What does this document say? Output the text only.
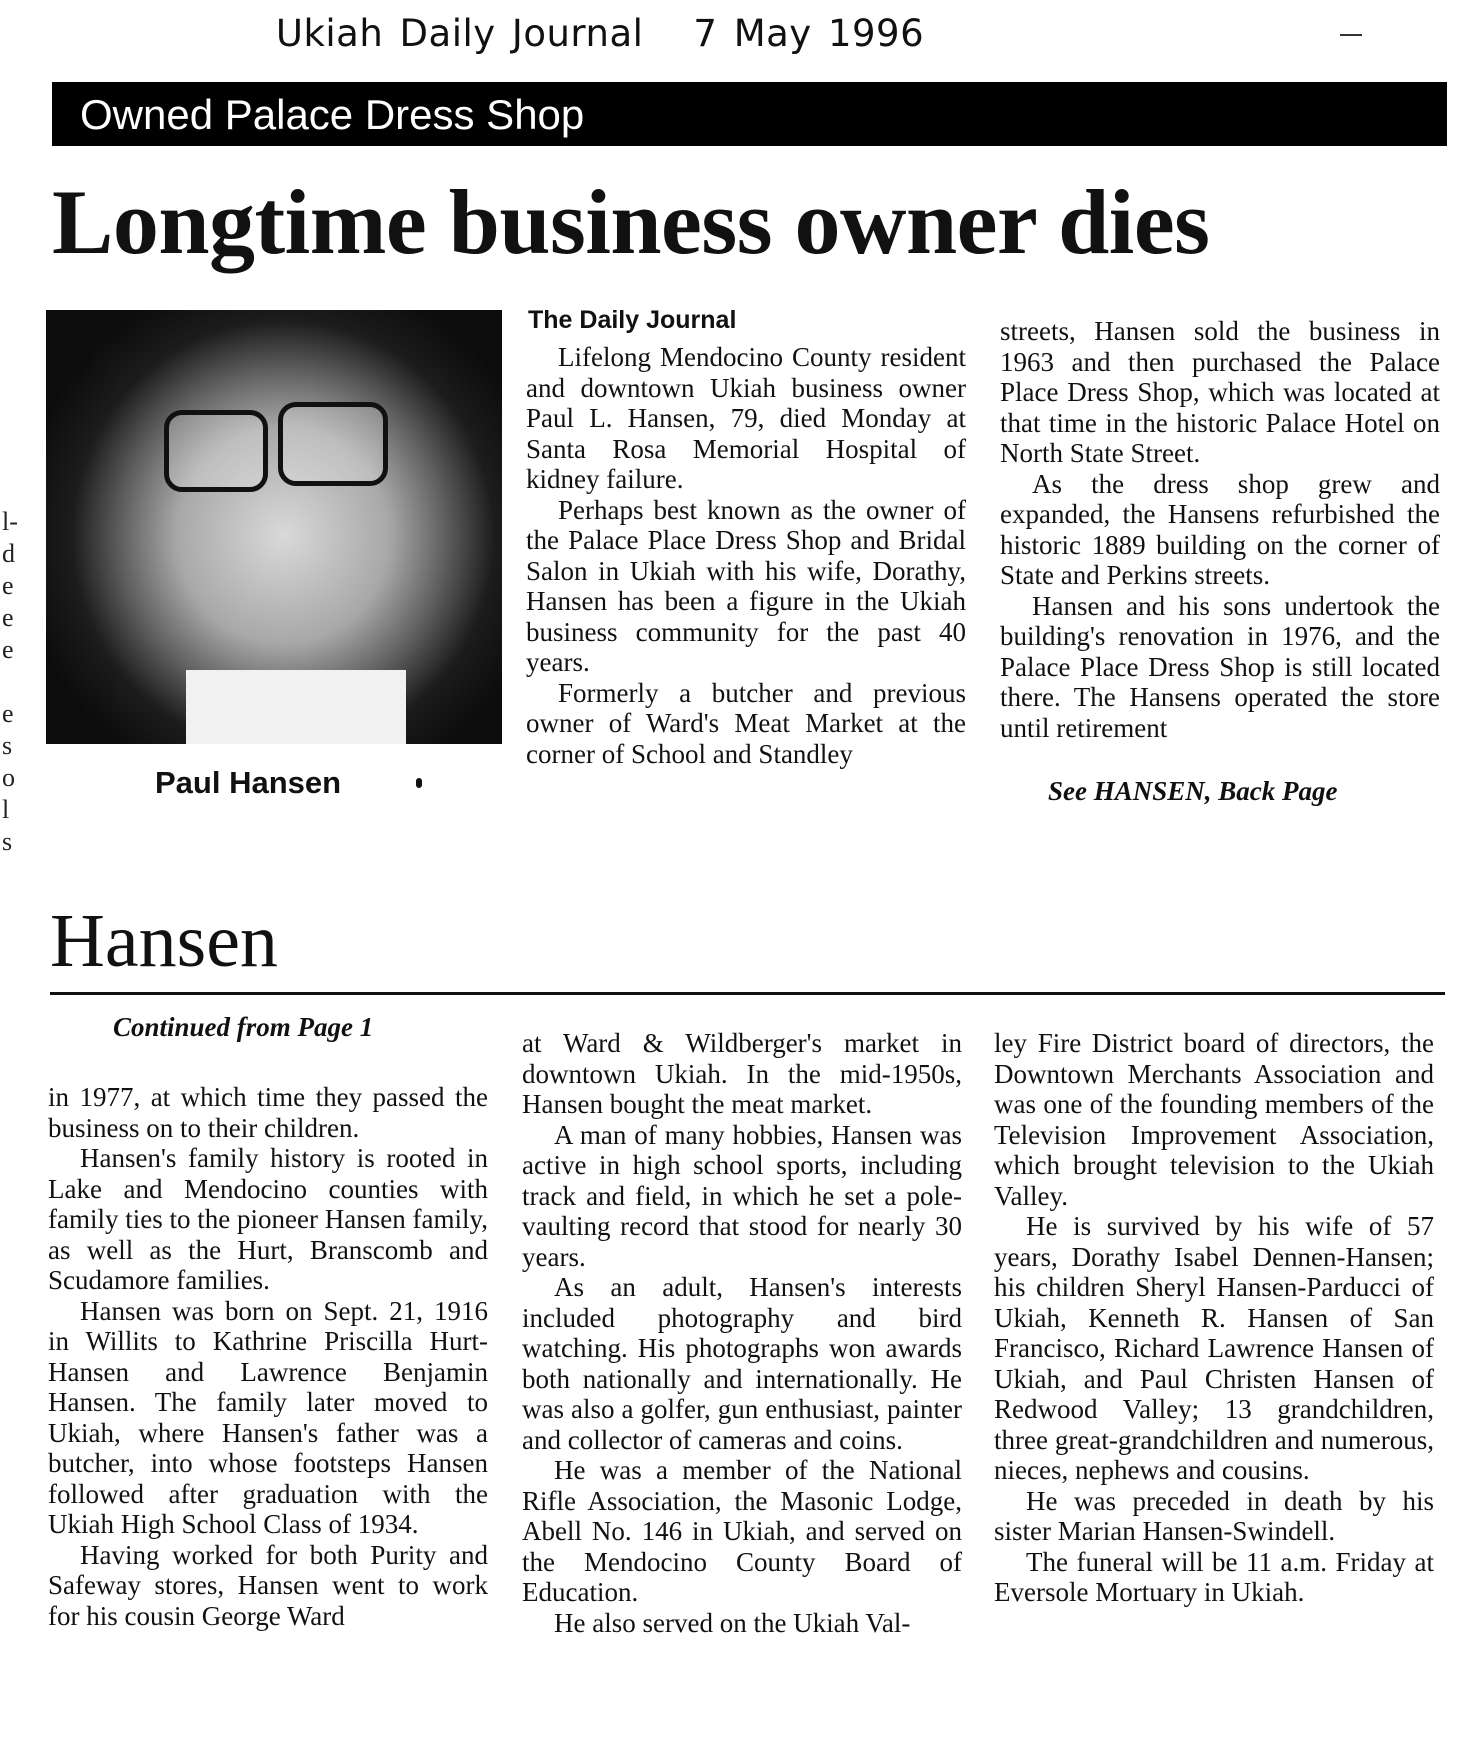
Ukiah Daily Journal 7 May 1996
Owned Palace Dress Shop
Longtime business owner dies
Paul Hansen
l-
d
e
e
e
e
s
o
l
s
The Daily Journal

Lifelong Mendocino County resident and downtown Ukiah business owner Paul L. Hansen, 79, died Monday at Santa Rosa Memorial Hospital of kidney failure.

Perhaps best known as the owner of the Palace Place Dress Shop and Bridal Salon in Ukiah with his wife, Dorathy, Hansen has been a figure in the Ukiah business community for the past 40 years.

Formerly a butcher and previous owner of Ward's Meat Market at the corner of School and Standley

streets, Hansen sold the business in 1963 and then purchased the Palace Place Dress Shop, which was located at that time in the historic Palace Hotel on North State Street.

As the dress shop grew and expanded, the Hansens refurbished the historic 1889 building on the corner of State and Perkins streets.

Hansen and his sons undertook the building's renovation in 1976, and the Palace Place Dress Shop is still located there. The Hansens operated the store until retirement

See HANSEN, Back Page
Hansen
Continued from Page 1

in 1977, at which time they passed the business on to their children.

Hansen's family history is rooted in Lake and Mendocino counties with family ties to the pioneer Hansen family, as well as the Hurt, Branscomb and Scudamore families.

Hansen was born on Sept. 21, 1916 in Willits to Kathrine Priscilla Hurt-Hansen and Lawrence Benjamin Hansen. The family later moved to Ukiah, where Hansen's father was a butcher, into whose footsteps Hansen followed after graduation with the Ukiah High School Class of 1934.

Having worked for both Purity and Safeway stores, Hansen went to work for his cousin George Ward

at Ward & Wildberger's market in downtown Ukiah. In the mid-1950s, Hansen bought the meat market.

A man of many hobbies, Hansen was active in high school sports, including track and field, in which he set a pole-vaulting record that stood for nearly 30 years.

As an adult, Hansen's interests included photography and bird watching. His photographs won awards both nationally and internationally. He was also a golfer, gun enthusiast, painter and collector of cameras and coins.

He was a member of the National Rifle Association, the Masonic Lodge, Abell No. 146 in Ukiah, and served on the Mendocino County Board of Education.

He also served on the Ukiah Val-

ley Fire District board of directors, the Downtown Merchants Association and was one of the founding members of the Television Improvement Association, which brought television to the Ukiah Valley.

He is survived by his wife of 57 years, Dorathy Isabel Dennen-Hansen; his children Sheryl Hansen-Parducci of Ukiah, Kenneth R. Hansen of San Francisco, Richard Lawrence Hansen of Ukiah, and Paul Christen Hansen of Redwood Valley; 13 grandchildren, three great-grandchildren and numerous, nieces, nephews and cousins.

He was preceded in death by his sister Marian Hansen-Swindell.

The funeral will be 11 a.m. Friday at Eversole Mortuary in Ukiah.
